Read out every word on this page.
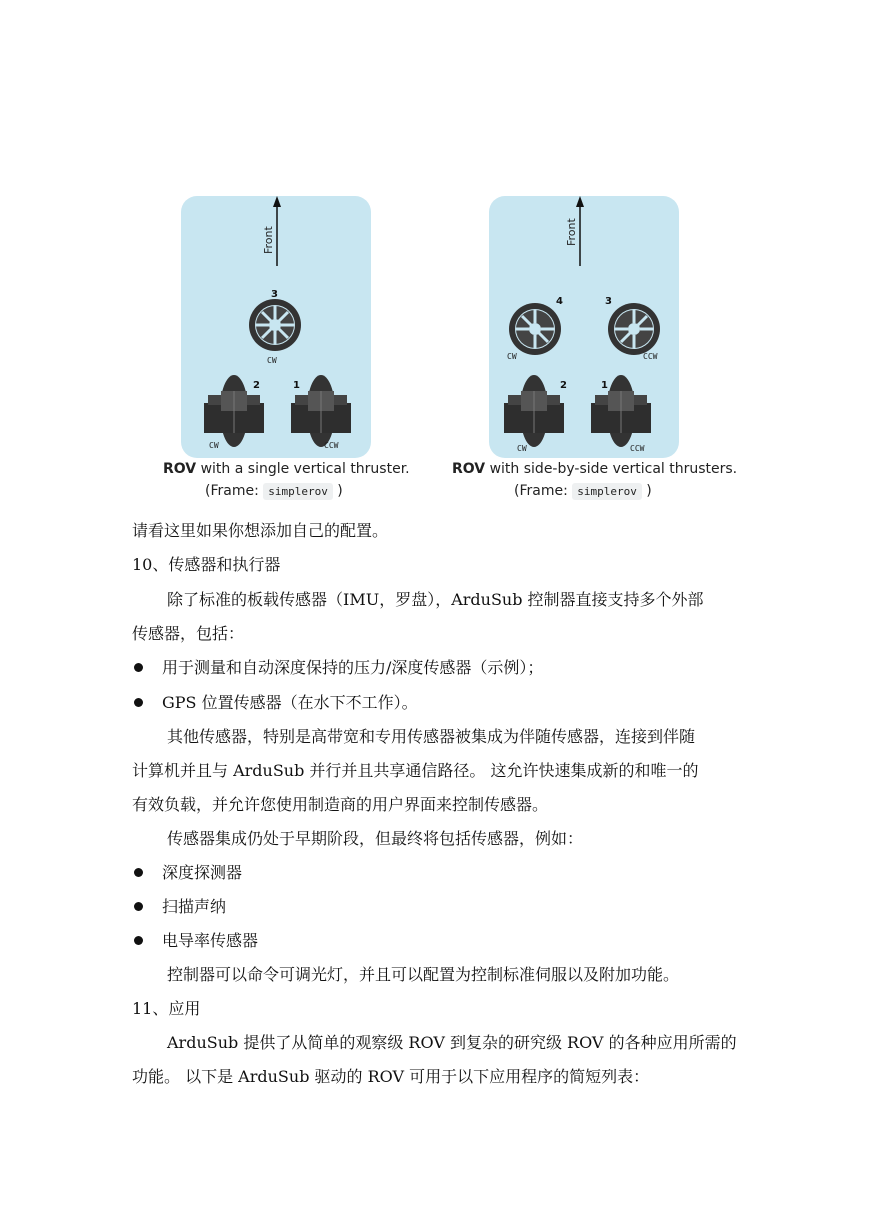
Front
3
CW
2
CW
1
CCW
Front
4
CW
3
CCW
2
CW
1
CCW
ROV with a single vertical thruster.
(Frame: simplerov )
ROV with side-by-side vertical thrusters.
(Frame: simplerov )
请看这里如果你想添加自己的配置。
10、传感器和执行器
除了标准的板载传感器（IMU，罗盘），ArduSub 控制器直接支持多个外部
传感器，包括：
用于测量和自动深度保持的压力/深度传感器（示例）；
GPS 位置传感器（在水下不工作）。
其他传感器，特别是高带宽和专用传感器被集成为伴随传感器，连接到伴随
计算机并且与 ArduSub 并行并且共享通信路径。 这允许快速集成新的和唯一的
有效负载，并允许您使用制造商的用户界面来控制传感器。
传感器集成仍处于早期阶段，但最终将包括传感器，例如：
深度探测器
扫描声纳
电导率传感器
控制器可以命令可调光灯，并且可以配置为控制标准伺服以及附加功能。
11、应用
ArduSub 提供了从简单的观察级 ROV 到复杂的研究级 ROV 的各种应用所需的
功能。 以下是 ArduSub 驱动的 ROV 可用于以下应用程序的简短列表：
